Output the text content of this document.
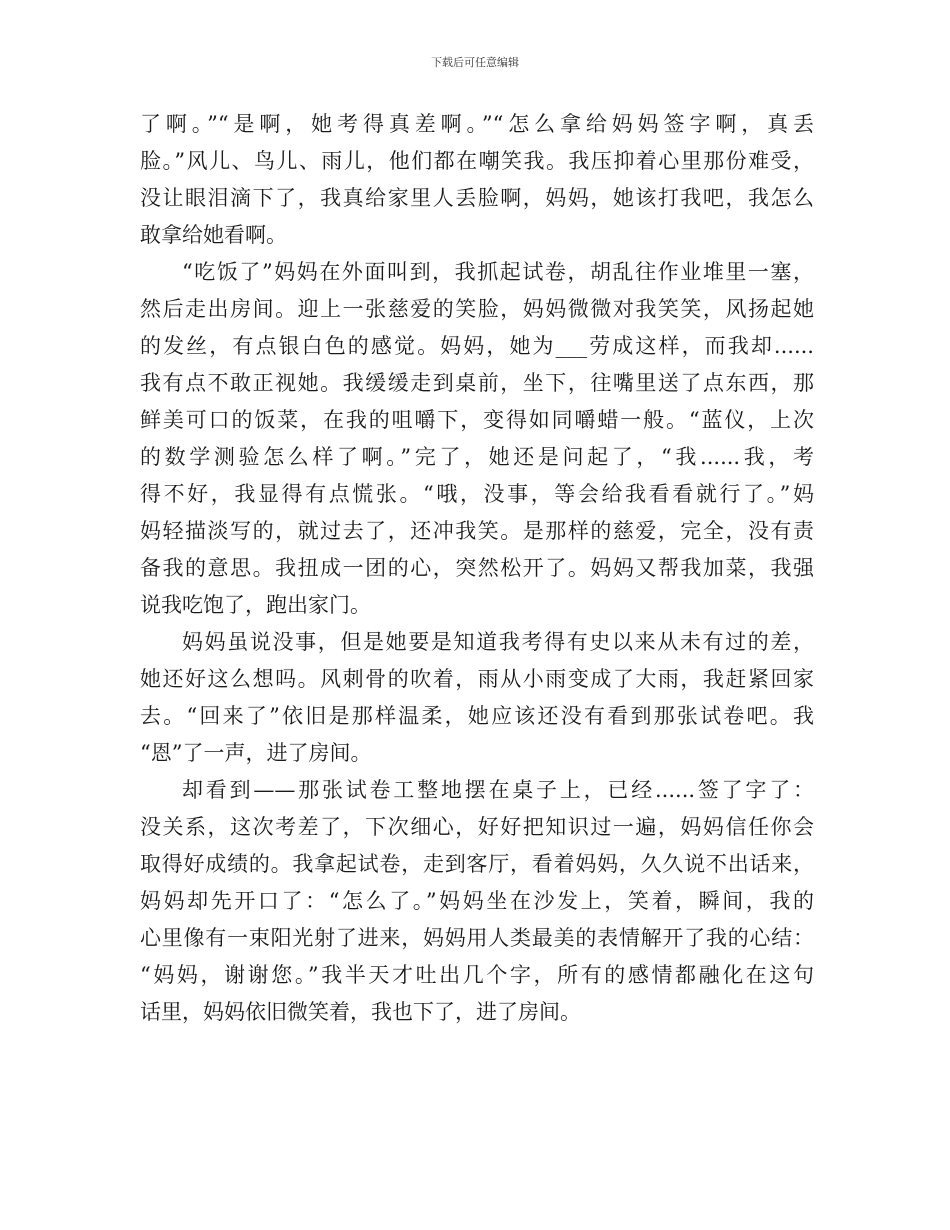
下载后可任意编辑
了啊。”“是啊，她考得真差啊。”“怎么拿给妈妈签字啊，真丢
脸。”风儿、鸟儿、雨儿，他们都在嘲笑我。我压抑着心里那份难受，
没让眼泪滴下了，我真给家里人丢脸啊，妈妈，她该打我吧，我怎么
敢拿给她看啊。
“吃饭了”妈妈在外面叫到，我抓起试卷，胡乱往作业堆里一塞，
然后走出房间。迎上一张慈爱的笑脸，妈妈微微对我笑笑，风扬起她
的发丝，有点银白色的感觉。妈妈，她为___劳成这样，而我却......
我有点不敢正视她。我缓缓走到桌前，坐下，往嘴里送了点东西，那
鲜美可口的饭菜，在我的咀嚼下，变得如同嚼蜡一般。“蓝仪，上次
的数学测验怎么样了啊。”完了，她还是问起了，“我......我，考
得不好，我显得有点慌张。“哦，没事，等会给我看看就行了。”妈
妈轻描淡写的，就过去了，还冲我笑。是那样的慈爱，完全，没有责
备我的意思。我扭成一团的心，突然松开了。妈妈又帮我加菜，我强
说我吃饱了，跑出家门。
妈妈虽说没事，但是她要是知道我考得有史以来从未有过的差，
她还好这么想吗。风刺骨的吹着，雨从小雨变成了大雨，我赶紧回家
去。“回来了”依旧是那样温柔，她应该还没有看到那张试卷吧。我
“恩”了一声，进了房间。
却看到——那张试卷工整地摆在桌子上，已经......签了字了：
没关系，这次考差了，下次细心，好好把知识过一遍，妈妈信任你会
取得好成绩的。我拿起试卷，走到客厅，看着妈妈，久久说不出话来，
妈妈却先开口了：“怎么了。”妈妈坐在沙发上，笑着，瞬间，我的
心里像有一束阳光射了进来，妈妈用人类最美的表情解开了我的心结：
“妈妈，谢谢您。”我半天才吐出几个字，所有的感情都融化在这句
话里，妈妈依旧微笑着，我也下了，进了房间。
